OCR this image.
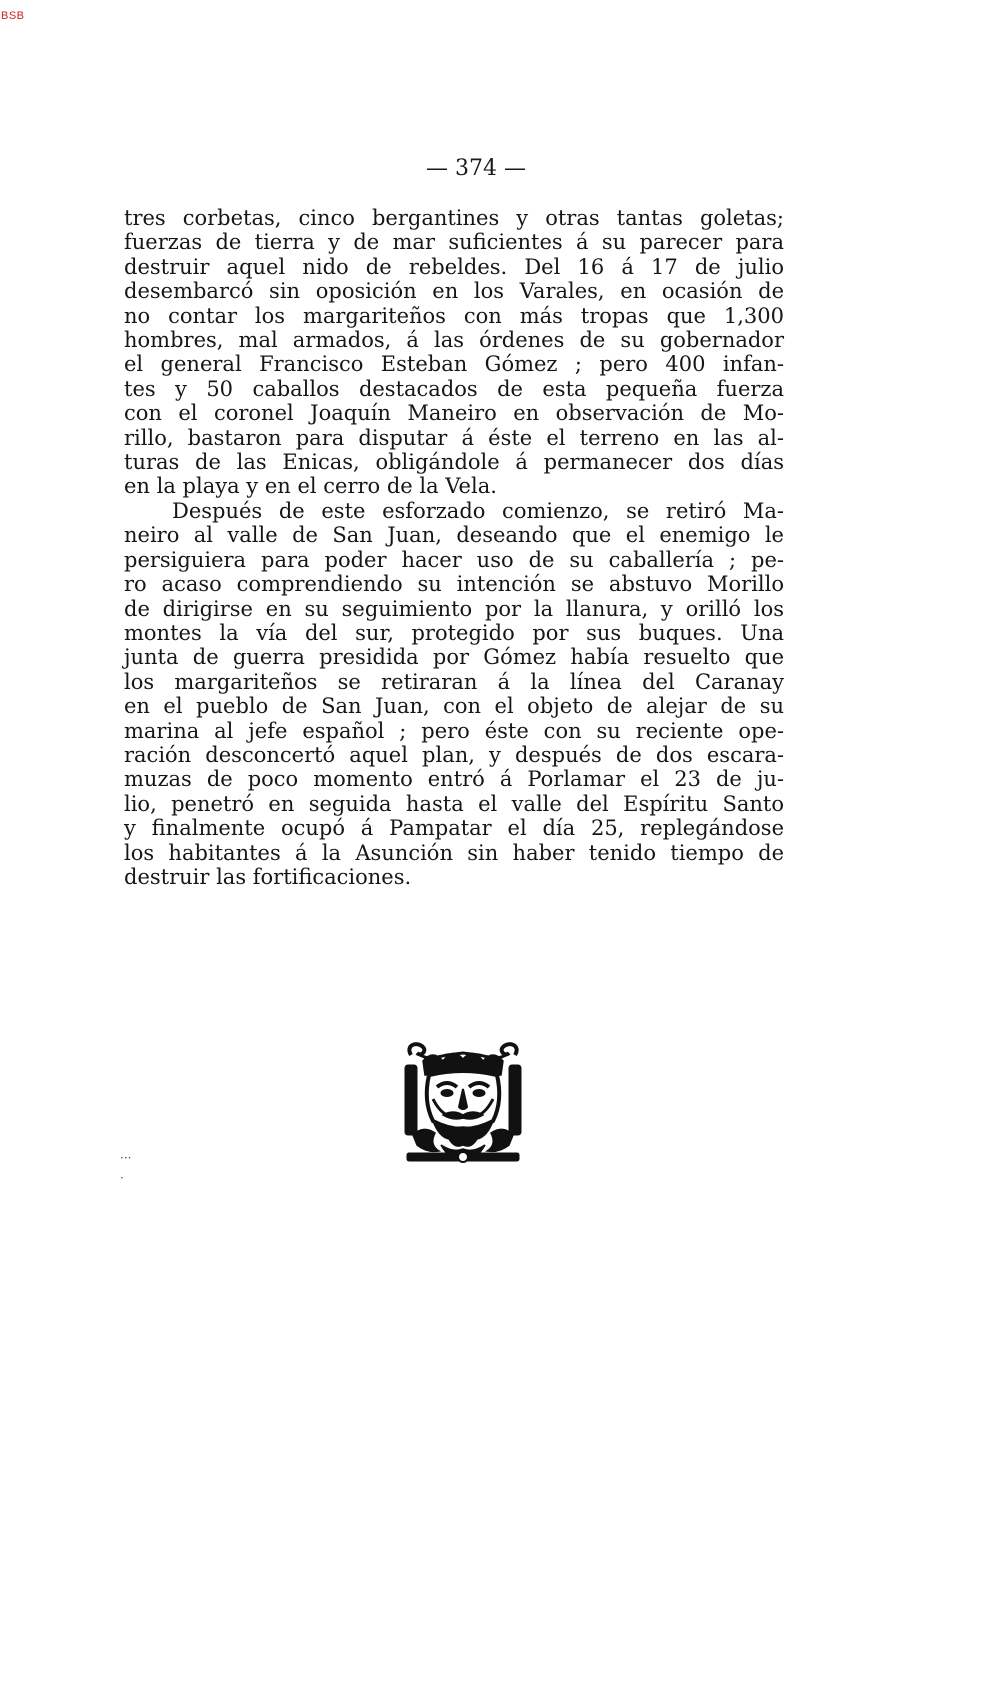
BSB
— 374 —
tres corbetas, cinco bergantines y otras tantas goletas;
fuerzas de tierra y de mar suficientes á su parecer para
destruir aquel nido de rebeldes. Del 16 á 17 de julio
desembarcó sin oposición en los Varales, en ocasión de
no contar los margariteños con más tropas que 1,300
hombres, mal armados, á las órdenes de su gobernador
el general Francisco Esteban Gómez ; pero 400 infan-
tes y 50 caballos destacados de esta pequeña fuerza
con el coronel Joaquín Maneiro en observación de Mo-
rillo, bastaron para disputar á éste el terreno en las al-
turas de las Enicas, obligándole á permanecer dos días
en la playa y en el cerro de la Vela.
Después de este esforzado comienzo, se retiró Ma-
neiro al valle de San Juan, deseando que el enemigo le
persiguiera para poder hacer uso de su caballería ; pe-
ro acaso comprendiendo su intención se abstuvo Morillo
de dirigirse en su seguimiento por la llanura, y orilló los
montes la vía del sur, protegido por sus buques. Una
junta de guerra presidida por Gómez había resuelto que
los margariteños se retiraran á la línea del Caranay
en el pueblo de San Juan, con el objeto de alejar de su
marina al jefe español ; pero éste con su reciente ope-
ración desconcertó aquel plan, y después de dos escara-
muzas de poco momento entró á Porlamar el 23 de ju-
lio, penetró en seguida hasta el valle del Espíritu Santo
y finalmente ocupó á Pampatar el día 25, replegándose
los habitantes á la Asunción sin haber tenido tiempo de
destruir las fortificaciones.
···
·
